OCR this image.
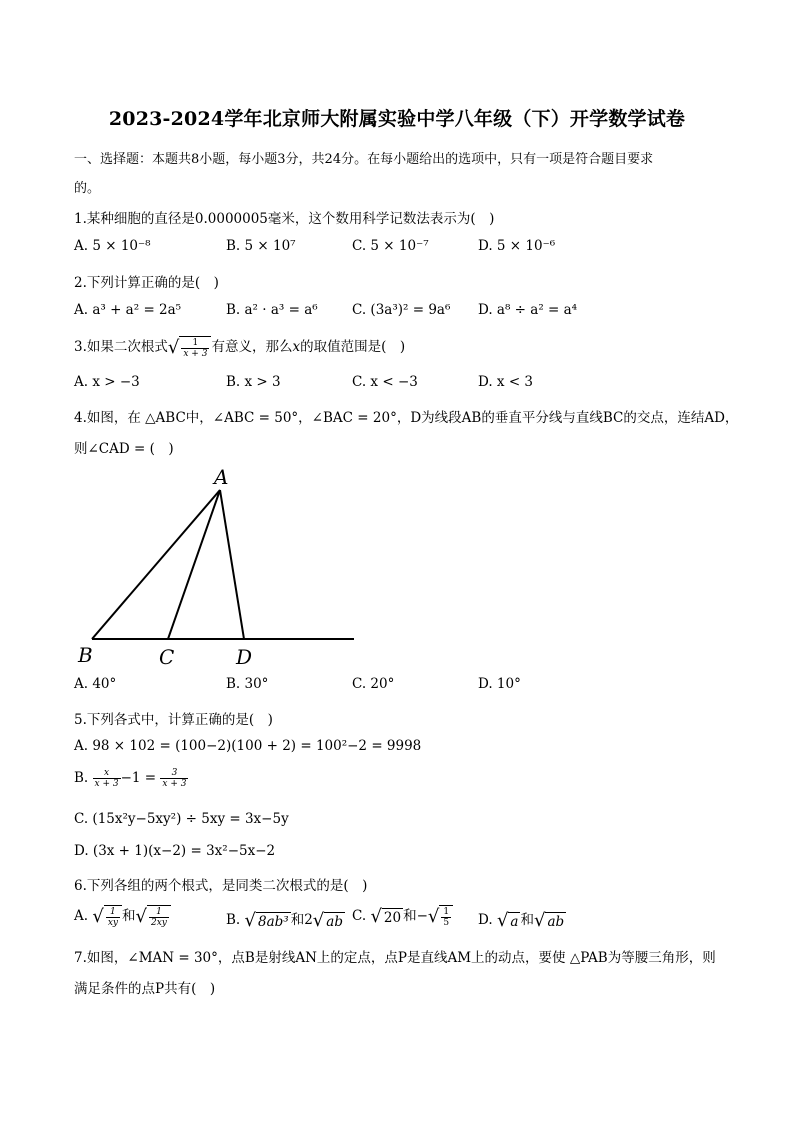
2023-2024学年北京师大附属实验中学八年级（下）开学数学试卷
一、选择题：本题共8小题，每小题3分，共24分。在每小题给出的选项中，只有一项是符合题目要求
的。
1.某种细胞的直径是0.0000005毫米，这个数用科学记数法表示为(　)
A. 5 × 10⁻⁸	B. 5 × 10⁷	C. 5 × 10⁻⁷	D. 5 × 10⁻⁶
2.下列计算正确的是(　)
A. a³ + a² = 2a⁵	B. a² · a³ = a⁶	C. (3a³)² = 9a⁶ D. a⁸ ÷ a² = a⁴
3.如果二次根式√ $\frac{1}{x + 3}$ 有意义，那么x的取值范围是(　)
A. x > −3	B. x > 3	C. x < −3	D. x < 3
4.如图，在 △ABC中，∠ABC = 50°，∠BAC = 20°，D为线段AB的垂直平分线与直线BC的交点，连结AD，
则∠CAD = (　)
A
B	C	D
A. 40°	B. 30°	C. 20°	D. 10°
5.下列各式中，计算正确的是(　)
A. 98 × 102 = (100−2)(100 + 2) = 100²−2 = 9998
B. $\frac{x}{x + 3} -1 = \frac{3}{x + 3}$
C. (15x²y−5xy²) ÷ 5xy = 3x−5y
D. (3x + 1)(x−2) = 3x²−5x−2
6.下列各组的两个根式，是同类二次根式的是(　)
A. √ $\frac{1}{xy}$ 和√ $\frac{1}{2xy}$	B. √ 8ab³ 和2√ ab C. √ 20 和−√ $\frac{1}{5} D$. √ a 和√ ab
7.如图，∠MAN = 30°，点B是射线AN上的定点，点P是直线AM上的动点，要使 △PAB为等腰三角形，则
满足条件的点P共有(　)
